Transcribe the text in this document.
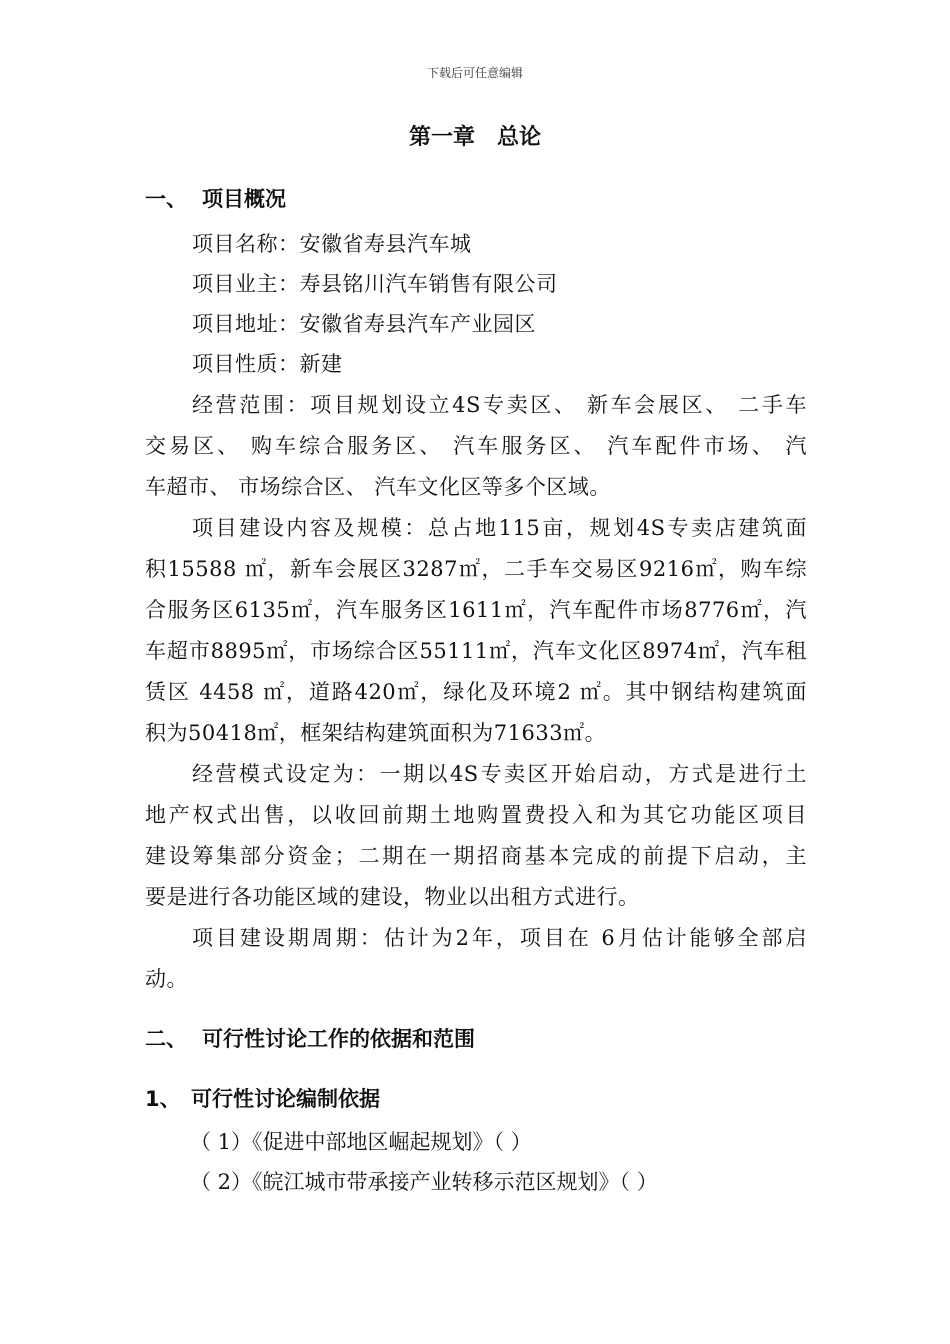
下载后可任意编辑
第一章 总论
一、 项目概况
项目名称：安徽省寿县汽车城
项目业主：寿县铭川汽车销售有限公司
项目地址：安徽省寿县汽车产业园区
项目性质：新建
经营范围：项目规划设立4S专卖区、 新车会展区、 二手车
交易区、 购车综合服务区、 汽车服务区、 汽车配件市场、 汽
车超市、 市场综合区、 汽车文化区等多个区域。
项目建设内容及规模：总占地115亩，规划4S专卖店建筑面
积15588 ㎡，新车会展区3287㎡，二手车交易区9216㎡，购车综
合服务区6135㎡，汽车服务区1611㎡，汽车配件市场8776㎡，汽
车超市8895㎡，市场综合区55111㎡，汽车文化区8974㎡，汽车租
赁区 4458 ㎡，道路420㎡，绿化及环境2 ㎡。其中钢结构建筑面
积为50418㎡，框架结构建筑面积为71633㎡。
经营模式设定为：一期以4S专卖区开始启动，方式是进行土
地产权式出售，以收回前期土地购置费投入和为其它功能区项目
建设筹集部分资金；二期在一期招商基本完成的前提下启动，主
要是进行各功能区域的建设，物业以出租方式进行。
项目建设期周期：估计为2年，项目在 6月估计能够全部启
动。
二、 可行性讨论工作的依据和范围
1、 可行性讨论编制依据
（ 1）《促进中部地区崛起规划》（ ）
（ 2）《皖江城市带承接产业转移示范区规划》（ ）
